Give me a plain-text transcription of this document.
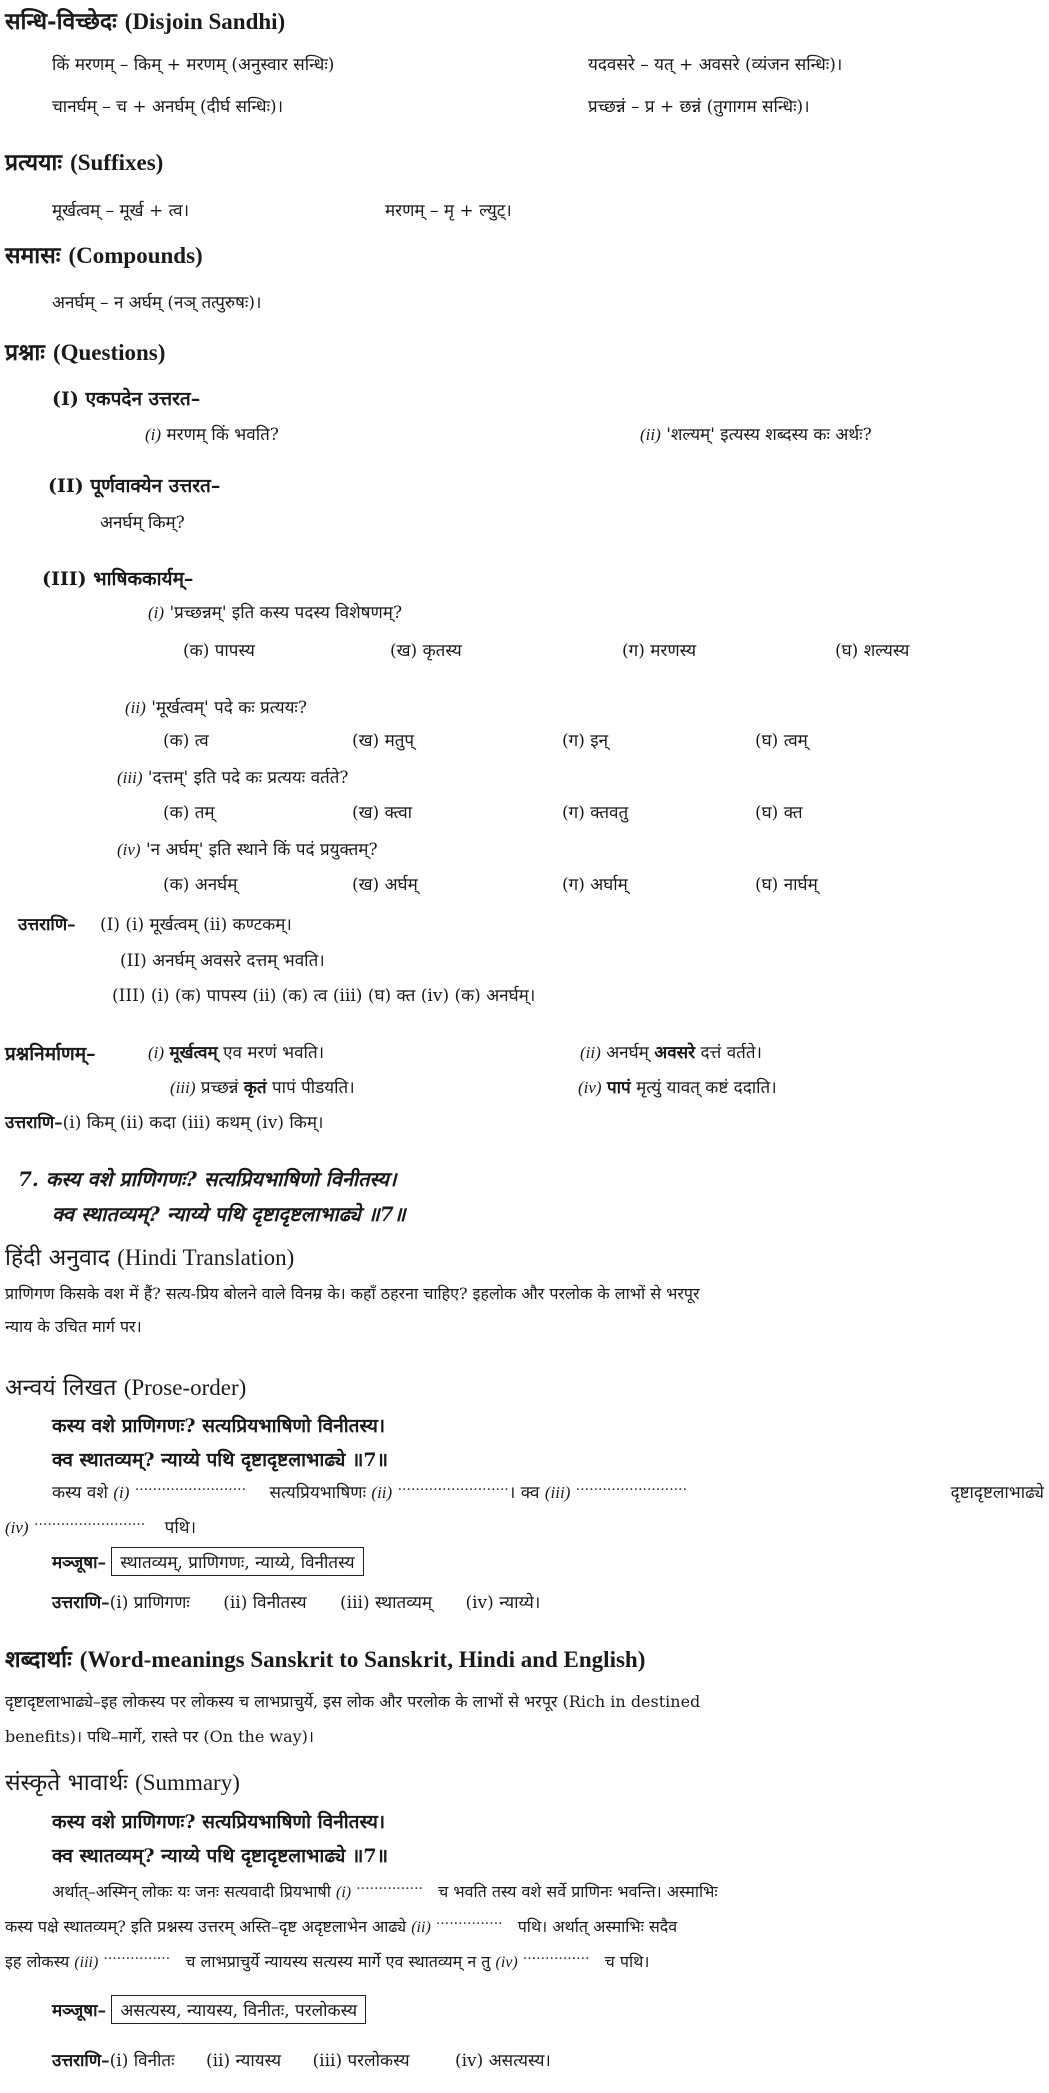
सन्धि-विच्छेदः (Disjoin Sandhi)
किं मरणम् – किम् + मरणम् (अनुस्वार सन्धिः)	यदवसरे – यत् + अवसरे (व्यंजन सन्धिः)।
चानर्घम् – च + अनर्घम् (दीर्घ सन्धिः)।	प्रच्छन्नं – प्र + छन्नं (तुगागम सन्धिः)।
प्रत्ययाः (Suffixes)
मूर्खत्वम् – मूर्ख + त्व।	मरणम् – मृ + ल्युट्।
समासः (Compounds)
अनर्घम् – न अर्घम् (नञ् तत्पुरुषः)।
प्रश्नाः (Questions)
(I) एकपदेन उत्तरत–
(i) मरणम् किं भवति?	(ii) 'शल्यम्' इत्यस्य शब्दस्य कः अर्थः?
(II) पूर्णवाक्येन उत्तरत–
अनर्घम् किम्?
(III) भाषिककार्यम्–
(i) 'प्रच्छन्नम्' इति कस्य पदस्य विशेषणम्?
(क) पापस्य	(ख) कृतस्य	(ग) मरणस्य	(घ) शल्यस्य
(ii) 'मूर्खत्वम्' पदे कः प्रत्ययः?
(क) त्व	(ख) मतुप्	(ग) इन्	(घ) त्वम्
(iii) 'दत्तम्' इति पदे कः प्रत्ययः वर्तते?
(क) तम्	(ख) क्त्वा	(ग) क्तवतु	(घ) क्त
(iv) 'न अर्घम्' इति स्थाने किं पदं प्रयुक्तम्?
(क) अनर्घम्	(ख) अर्घम्	(ग) अर्घाम्	(घ) नार्घम्
उत्तराणि– (I) (i) मूर्खत्वम् (ii) कण्टकम्।
(II) अनर्घम् अवसरे दत्तम् भवति।
(III) (i) (क) पापस्य (ii) (क) त्व (iii) (घ) क्त (iv) (क) अनर्घम्।
प्रश्ननिर्माणम्–	(i) मूर्खत्वम् एव मरणं भवति।	(ii) अनर्घम् अवसरे दत्तं वर्तते।
(iii) प्रच्छन्नं कृतं पापं पीडयति।	(iv) पापं मृत्युं यावत् कष्टं ददाति।
उत्तराणि–(i) किम् (ii) कदा (iii) कथम् (iv) किम्।
7. कस्य वशे प्राणिगणः? सत्यप्रियभाषिणो विनीतस्य।
क्व स्थातव्यम्? न्याय्ये पथि दृष्टादृष्टलाभाढ्ये ॥7॥
हिंदी अनुवाद (Hindi Translation)
प्राणिगण किसके वश में हैं? सत्य-प्रिय बोलने वाले विनम्र के। कहाँ ठहरना चाहिए? इहलोक और परलोक के लाभों से भरपूर
न्याय के उचित मार्ग पर।
अन्वयं लिखत (Prose-order)
कस्य वशे प्राणिगणः? सत्यप्रियभाषिणो विनीतस्य।
क्व स्थातव्यम्? न्याय्ये पथि दृष्टादृष्टलाभाढ्ये ॥7॥
कस्य वशे (i) ························· सत्यप्रियभाषिणः (ii) ·························। क्व (iii) ·························	दृष्टादृष्टलाभाढ्ये
(iv) ························· पथि।
मञ्जूषा– स्थातव्यम्, प्राणिगणः, न्याय्ये, विनीतस्य
उत्तराणि–(i) प्राणिगणः (ii) विनीतस्य (iii) स्थातव्यम् (iv) न्याय्ये।
शब्दार्थाः (Word-meanings Sanskrit to Sanskrit, Hindi and English)
दृष्टादृष्टलाभाढ्ये–इह लोकस्य पर लोकस्य च लाभप्राचुर्ये, इस लोक और परलोक के लाभों से भरपूर (Rich in destined
benefits)। पथि–मार्गे, रास्ते पर (On the way)।
संस्कृते भावार्थः (Summary)
कस्य वशे प्राणिगणः? सत्यप्रियभाषिणो विनीतस्य।
क्व स्थातव्यम्? न्याय्ये पथि दृष्टादृष्टलाभाढ्ये ॥7॥
अर्थात्–अस्मिन् लोकः यः जनः सत्यवादी प्रियभाषी (i) ··············· च भवति तस्य वशे सर्वे प्राणिनः भवन्ति। अस्माभिः
कस्य पक्षे स्थातव्यम्? इति प्रश्नस्य उत्तरम् अस्ति–दृष्ट अदृष्टलाभेन आढ्ये (ii) ··············· पथि। अर्थात् अस्माभिः सदैव
इह लोकस्य (iii) ··············· च लाभप्राचुर्ये न्यायस्य सत्यस्य मार्गे एव स्थातव्यम् न तु (iv) ··············· च पथि।
मञ्जूषा– असत्यस्य, न्यायस्य, विनीतः, परलोकस्य
उत्तराणि–(i) विनीतः (ii) न्यायस्य (iii) परलोकस्य	(iv) असत्यस्य।
